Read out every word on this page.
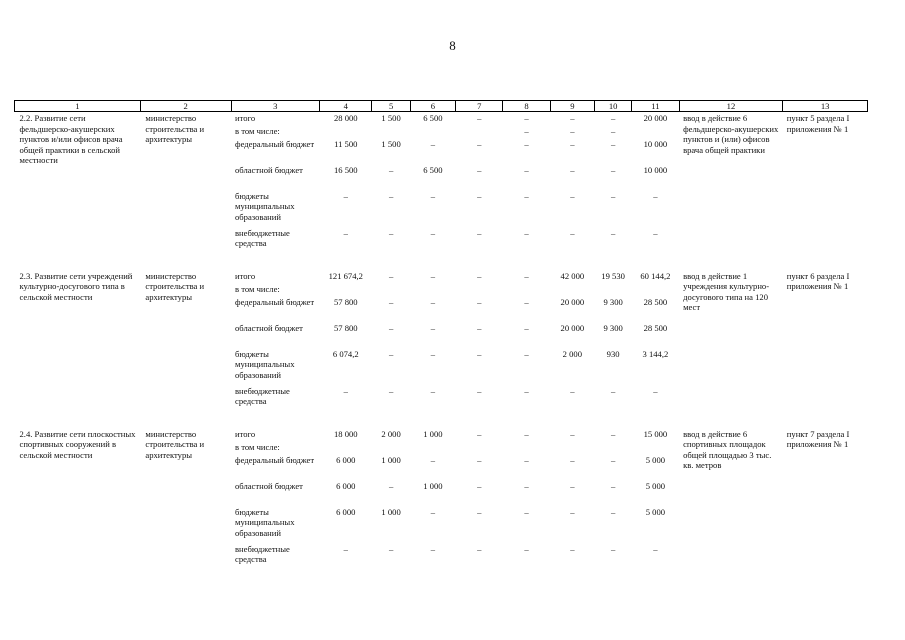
8
1	2	3	4	5	6	7	8	9	10	11	12	13
2.2. Развитие сети фельдшерско-акушерских пунктов и/или офисов врача общей практики в сельской местности	министерство строительства и архитектуры	итого	28 000	1 500	6 500	–	–	–	–	20 000	ввод в действие 6 фельдшерско-акушерских пунктов и (или) офисов врача общей практики	пункт 5 раздела I приложения № 1
		в том числе:					–	–	–			
		федеральный бюджет	11 500	1 500	–	–	–	–	–	10 000		
		областной бюджет	16 500	–	6 500	–	–	–	–	10 000		
		бюджеты муниципальных образований	–	–	–	–	–	–	–	–		
		внебюджетные средства	–	–	–	–	–	–	–	–		

2.3. Развитие сети учреждений культурно-досугового типа в сельской местности	министерство строительства и архитектуры	итого	121 674,2	–	–	–	–	42 000	19 530	60 144,2	ввод в действие 1 учреждения культурно-досугового типа на 120 мест	пункт 6 раздела I приложения № 1
		в том числе:										
		федеральный бюджет	57 800	–	–	–	–	20 000	9 300	28 500		
		областной бюджет	57 800	–	–	–	–	20 000	9 300	28 500		
		бюджеты муниципальных образований	6 074,2	–	–	–	–	2 000	930	3 144,2		
		внебюджетные средства	–	–	–	–	–	–	–	–		

2.4. Развитие сети плоскостных спортивных сооружений в сельской местности	министерство строительства и архитектуры	итого	18 000	2 000	1 000	–	–	–	–	15 000	ввод в действие 6 спортивных площадок общей площадью 3 тыс. кв. метров	пункт 7 раздела I приложения № 1
		в том числе:										
		федеральный бюджет	6 000	1 000	–	–	–	–	–	5 000		
		областной бюджет	6 000	–	1 000	–	–	–	–	5 000		
		бюджеты муниципальных образований	6 000	1 000	–	–	–	–	–	5 000		
		внебюджетные средства	–	–	–	–	–	–	–	–		
